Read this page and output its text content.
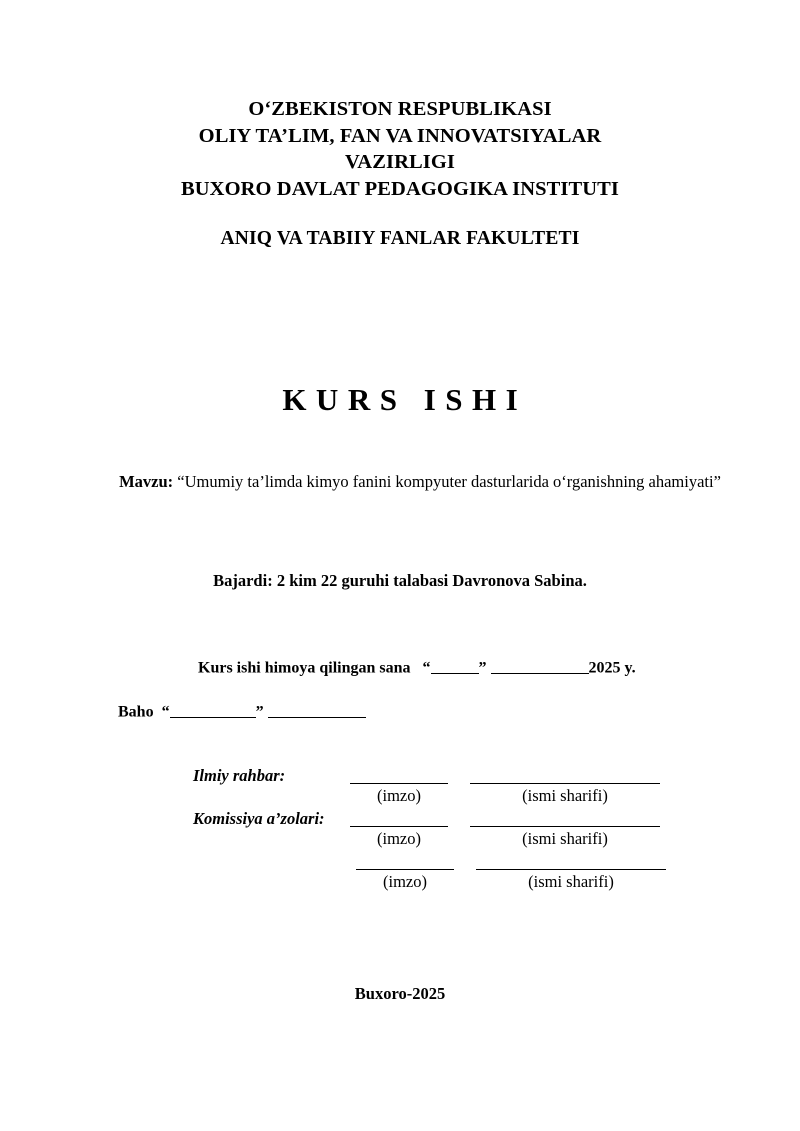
OʻZBEKISTON RESPUBLIKASI
OLIY TA’LIM, FAN VA INNOVATSIYALAR
VAZIRLIGI
BUXORO DAVLAT PEDAGOGIKA INSTITUTI
ANIQ VA TABIIY FANLAR FAKULTETI
KURS ISHI
Mavzu: “Umumiy ta’limda kimyo fanini kompyuter dasturlarida oʻrganishning ahamiyati”
Bajardi: 2 kim 22 guruhi talabasi Davronova Sabina.
Kurs ishi himoya qilingan sana “	”	2025 y.
Baho “	”
Ilmiy rahbar:
(imzo)	(ismi sharifi)
Komissiya a’zolari:
(imzo)	(ismi sharifi)
(imzo)	(ismi sharifi)
Buxoro-2025
